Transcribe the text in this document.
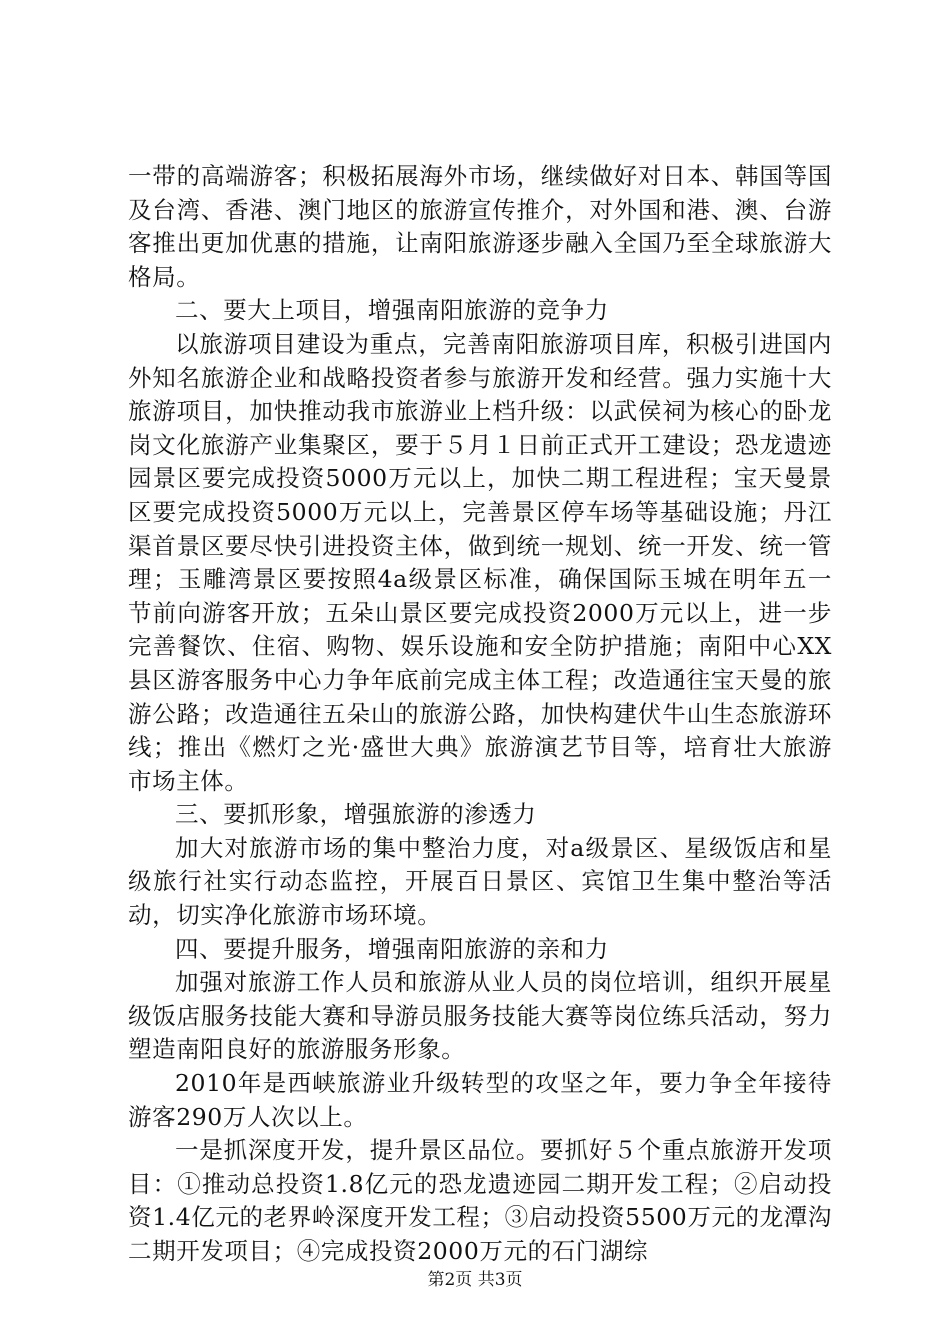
一带的高端游客；积极拓展海外市场，继续做好对日本、韩国等国及台湾、香港、澳门地区的旅游宣传推介，对外国和港、澳、台游客推出更加优惠的措施，让南阳旅游逐步融入全国乃至全球旅游大格局。

二、要大上项目，增强南阳旅游的竞争力

以旅游项目建设为重点，完善南阳旅游项目库，积极引进国内外知名旅游企业和战略投资者参与旅游开发和经营。强力实施十大旅游项目，加快推动我市旅游业上档升级：以武侯祠为核心的卧龙岗文化旅游产业集聚区，要于５月１日前正式开工建设；恐龙遗迹园景区要完成投资5000万元以上，加快二期工程进程；宝天曼景区要完成投资5000万元以上，完善景区停车场等基础设施；丹江渠首景区要尽快引进投资主体，做到统一规划、统一开发、统一管理；玉雕湾景区要按照4a级景区标准，确保国际玉城在明年五一节前向游客开放；五朵山景区要完成投资2000万元以上，进一步完善餐饮、住宿、购物、娱乐设施和安全防护措施；南阳中心XX县区游客服务中心力争年底前完成主体工程；改造通往宝天曼的旅游公路；改造通往五朵山的旅游公路，加快构建伏牛山生态旅游环线；推出《燃灯之光·盛世大典》旅游演艺节目等，培育壮大旅游市场主体。

三、要抓形象，增强旅游的渗透力

加大对旅游市场的集中整治力度，对a级景区、星级饭店和星级旅行社实行动态监控，开展百日景区、宾馆卫生集中整治等活动，切实净化旅游市场环境。

四、要提升服务，增强南阳旅游的亲和力

加强对旅游工作人员和旅游从业人员的岗位培训，组织开展星级饭店服务技能大赛和导游员服务技能大赛等岗位练兵活动，努力塑造南阳良好的旅游服务形象。

2010年是西峡旅游业升级转型的攻坚之年，要力争全年接待游客290万人次以上。

一是抓深度开发，提升景区品位。要抓好５个重点旅游开发项目：①推动总投资1.8亿元的恐龙遗迹园二期开发工程；②启动投资1.4亿元的老界岭深度开发工程；③启动投资5500万元的龙潭沟二期开发项目；④完成投资2000万元的石门湖综

第2页 共3页
